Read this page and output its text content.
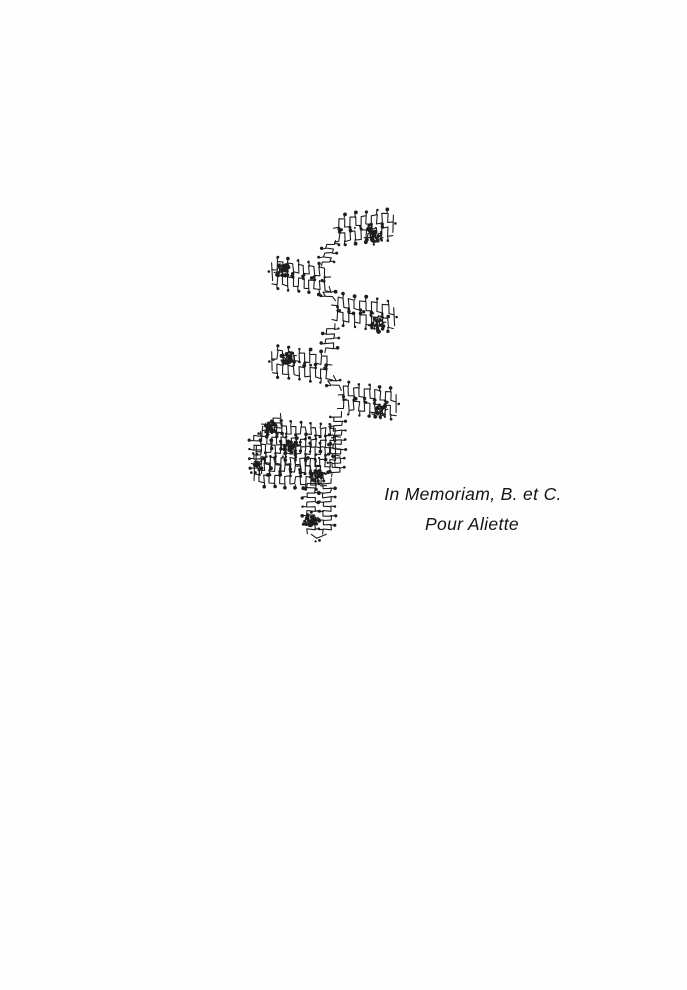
In Memoriam, B. et C.
Pour Aliette
